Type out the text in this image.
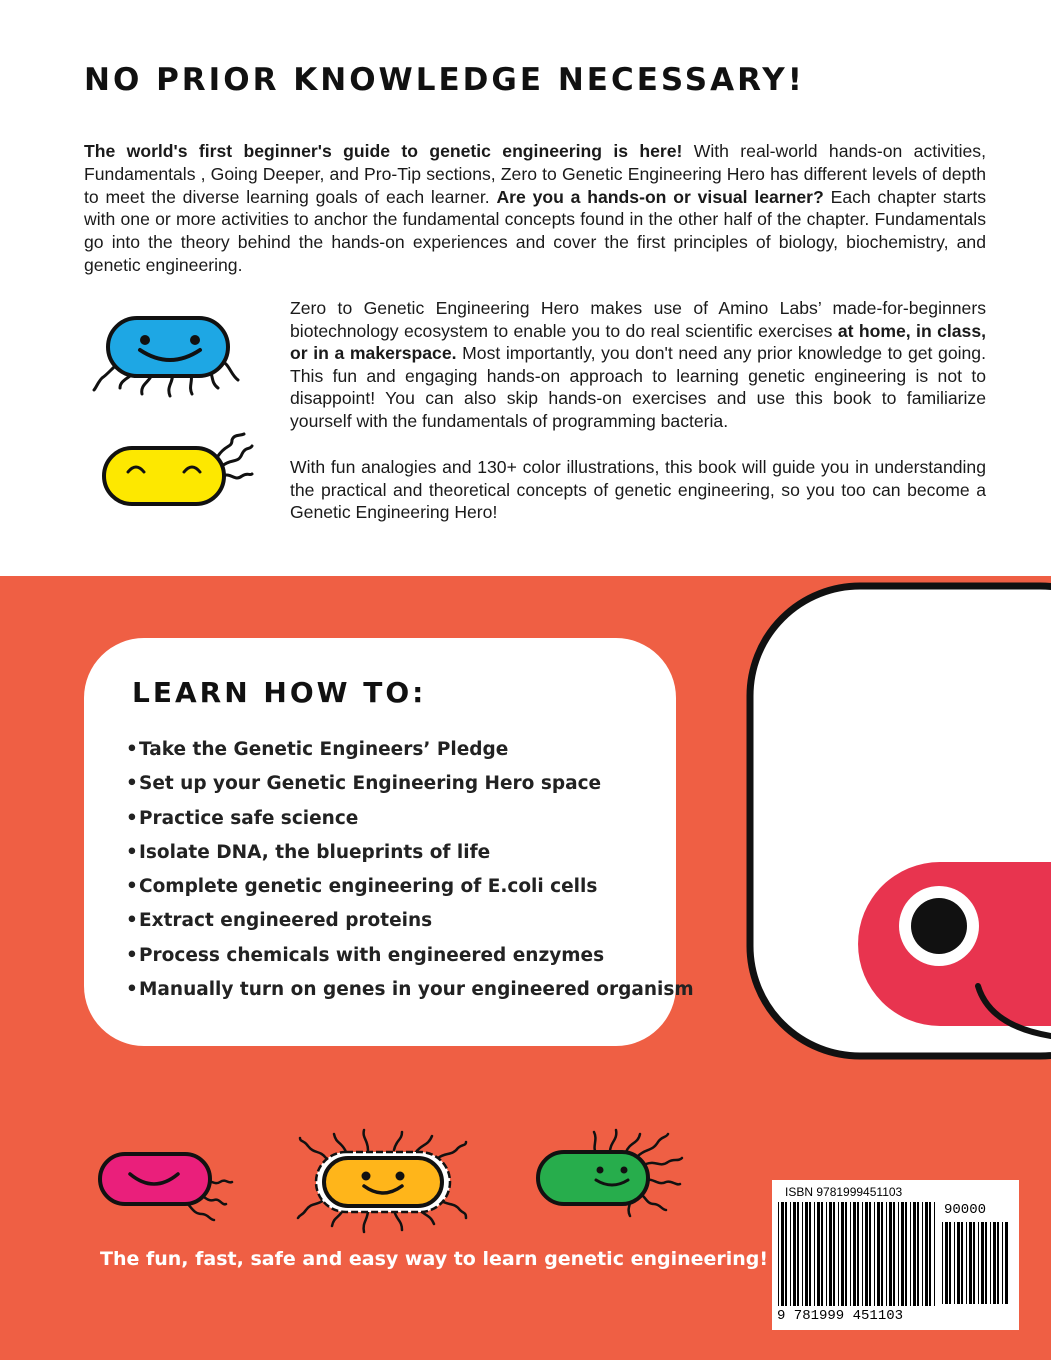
NO PRIOR KNOWLEDGE NECESSARY!

The world's first beginner's guide to genetic engineering is here! With real-world hands-on activities, Fundamentals , Going Deeper, and Pro-Tip sections, Zero to Genetic Engineering Hero has different levels of depth to meet the diverse learning goals of each learner. Are you a hands-on or visual learner? Each chapter starts with one or more activities to anchor the fundamental concepts found in the other half of the chapter. Fundamentals go into the theory behind the hands-on experiences and cover the first principles of biology, biochemistry, and genetic engineering.

Zero to Genetic Engineering Hero makes use of Amino Labs’ made-for-beginners biotechnology ecosystem to enable you to do real scientific exercises at home, in class, or in a makerspace. Most importantly, you don't need any prior knowledge to get going. This fun and engaging hands-on approach to learning genetic engineering is not to disappoint! You can also skip hands-on exercises and use this book to familiarize yourself with the fundamentals of programming bacteria.

With fun analogies and 130+ color illustrations, this book will guide you in understanding the practical and theoretical concepts of genetic engineering, so you too can become a Genetic Engineering Hero!

LEARN HOW TO:
•Take the Genetic Engineers’ Pledge
•Set up your Genetic Engineering Hero space
•Practice safe science
•Isolate DNA, the blueprints of life
•Complete genetic engineering of E.coli cells
•Extract engineered proteins
•Process chemicals with engineered enzymes
•Manually turn on genes in your engineered organism

The fun, fast, safe and easy way to learn genetic engineering!

ISBN 9781999451103
90000
9 781999 451103
